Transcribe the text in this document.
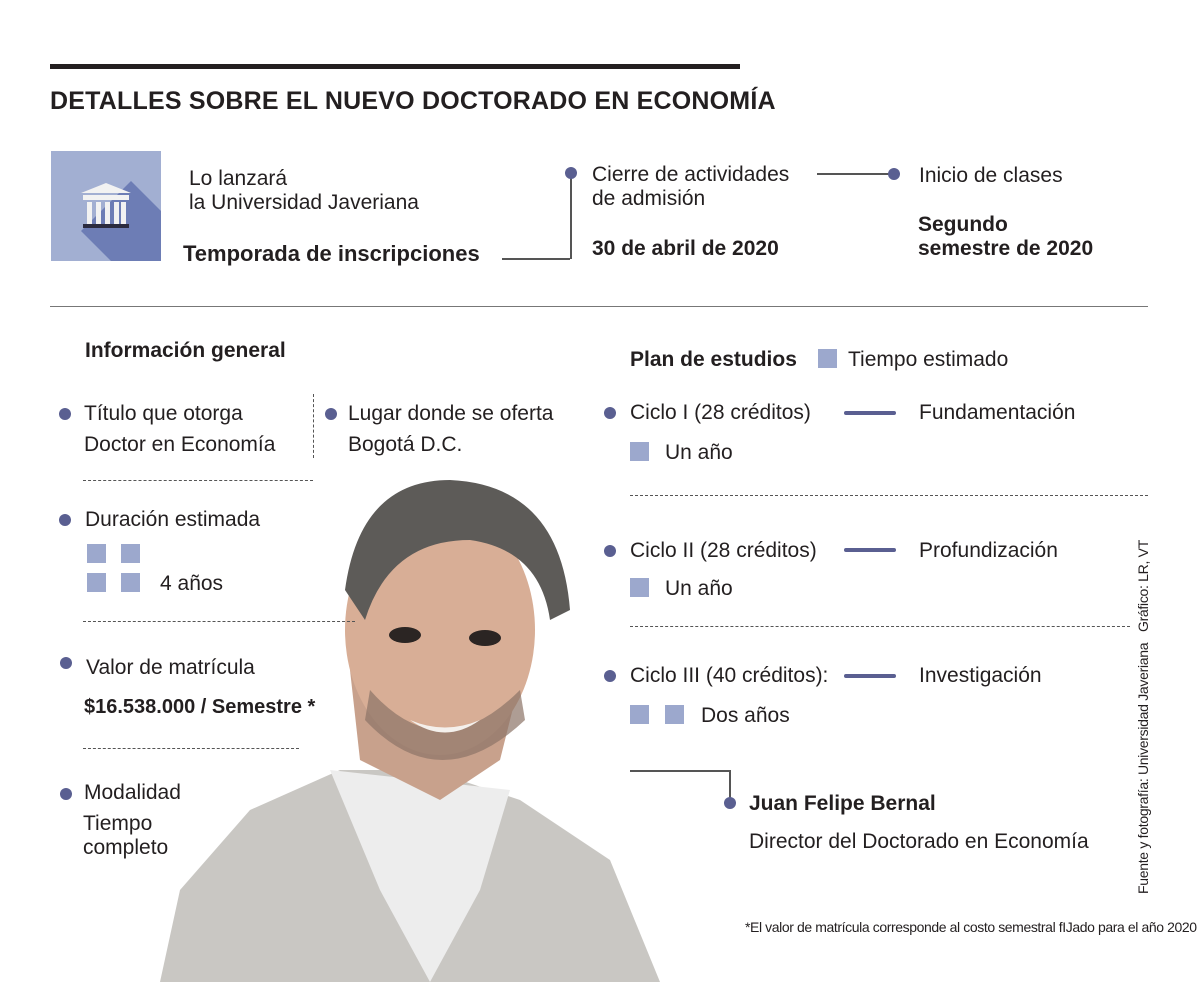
DETALLES SOBRE EL NUEVO DOCTORADO EN ECONOMÍA
Lo lanzará
la Universidad Javeriana
Temporada de inscripciones
Cierre de actividades
de admisión
30 de abril de 2020
Inicio de clases
Segundo
semestre de 2020
Información general
Título que otorga
Doctor en Economía
Lugar donde se oferta
Bogotá D.C.
Duración estimada
4 años
Valor de matrícula
$16.538.000 / Semestre *
Modalidad
Tiempo
completo
Plan de estudios Tiempo estimado
Ciclo I (28 créditos)	Fundamentación
Un año
Ciclo II (28 créditos)	Profundización
Un año
Ciclo III (40 créditos):	Investigación
Dos años
Juan Felipe Bernal
Director del Doctorado en Economía	Fuente y fotografía: Universidad Javeriana   Gráfico: LR, VT
*El valor de matrícula corresponde al costo semestral fIJado para el año 2020
